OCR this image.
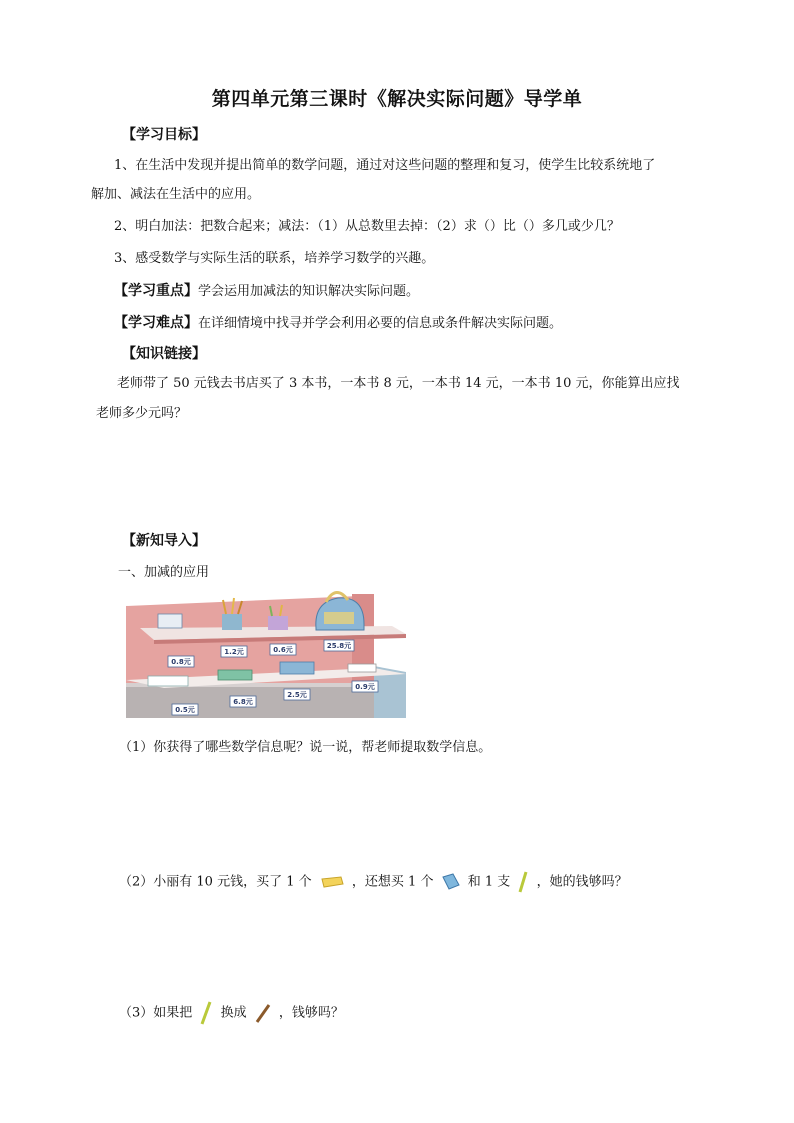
第四单元第三课时《解决实际问题》导学单
【学习目标】
1、在生活中发现并提出简单的数学问题，通过对这些问题的整理和复习，使学生比较系统地了
解加、减法在生活中的应用。
2、明白加法：把数合起来；减法：（1）从总数里去掉：（2）求（）比（）多几或少几？
3、感受数学与实际生活的联系，培养学习数学的兴趣。
【学习重点】学会运用加减法的知识解决实际问题。
【学习难点】在详细情境中找寻并学会利用必要的信息或条件解决实际问题。
【知识链接】
老师带了 50 元钱去书店买了 3 本书，一本书 8 元，一本书 14 元，一本书 10 元，你能算出应找
老师多少元吗？
【新知导入】
一、加减的应用
0.8元
1.2元	0.6元	25.8元
0.5元
6.8元
2.5元
0.9元
（1）你获得了哪些数学信息呢？说一说，帮老师提取数学信息。
（2）小丽有 10 元钱，买了 1 个	，还想买 1 个	和 1 支 ，她的钱够吗？
（3）如果把 换成 ，钱够吗？
